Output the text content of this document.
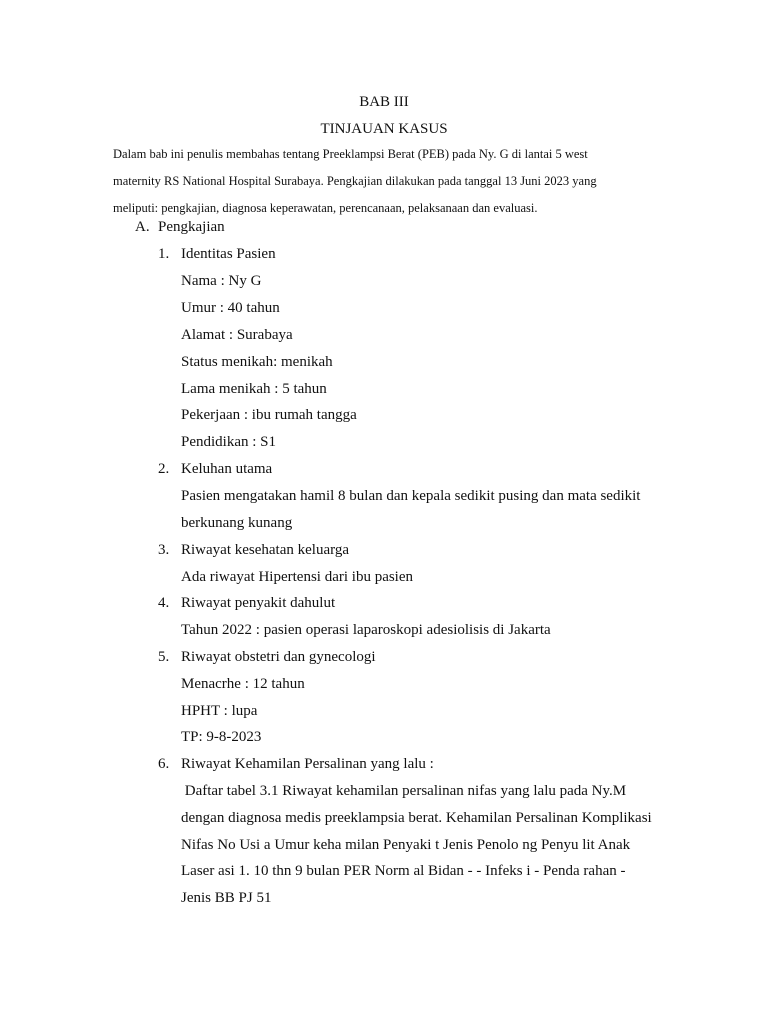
BAB III
TINJAUAN KASUS
Dalam bab ini penulis membahas tentang Preeklampsi Berat (PEB) pada Ny. G di lantai 5 west
maternity RS National Hospital Surabaya. Pengkajian dilakukan pada tanggal 13 Juni 2023 yang
meliputi: pengkajian, diagnosa keperawatan, perencanaan, pelaksanaan dan evaluasi.
A. Pengkajian
1. Identitas Pasien
Nama : Ny G
Umur : 40 tahun
Alamat : Surabaya
Status menikah: menikah
Lama menikah : 5 tahun
Pekerjaan : ibu rumah tangga
Pendidikan : S1
2. Keluhan utama
Pasien mengatakan hamil 8 bulan dan kepala sedikit pusing dan mata sedikit
berkunang kunang
3. Riwayat kesehatan keluarga
Ada riwayat Hipertensi dari ibu pasien
4. Riwayat penyakit dahulut
Tahun 2022 : pasien operasi laparoskopi adesiolisis di Jakarta
5. Riwayat obstetri dan gynecologi
Menacrhe : 12 tahun
HPHT : lupa
TP: 9-8-2023
6. Riwayat Kehamilan Persalinan yang lalu :
Daftar tabel 3.1 Riwayat kehamilan persalinan nifas yang lalu pada Ny.M
dengan diagnosa medis preeklampsia berat. Kehamilan Persalinan Komplikasi
Nifas No Usi a Umur keha milan Penyaki t Jenis Penolo ng Penyu lit Anak
Laser asi 1. 10 thn 9 bulan PER Norm al Bidan - - Infeks i - Penda rahan -
Jenis BB PJ 51
